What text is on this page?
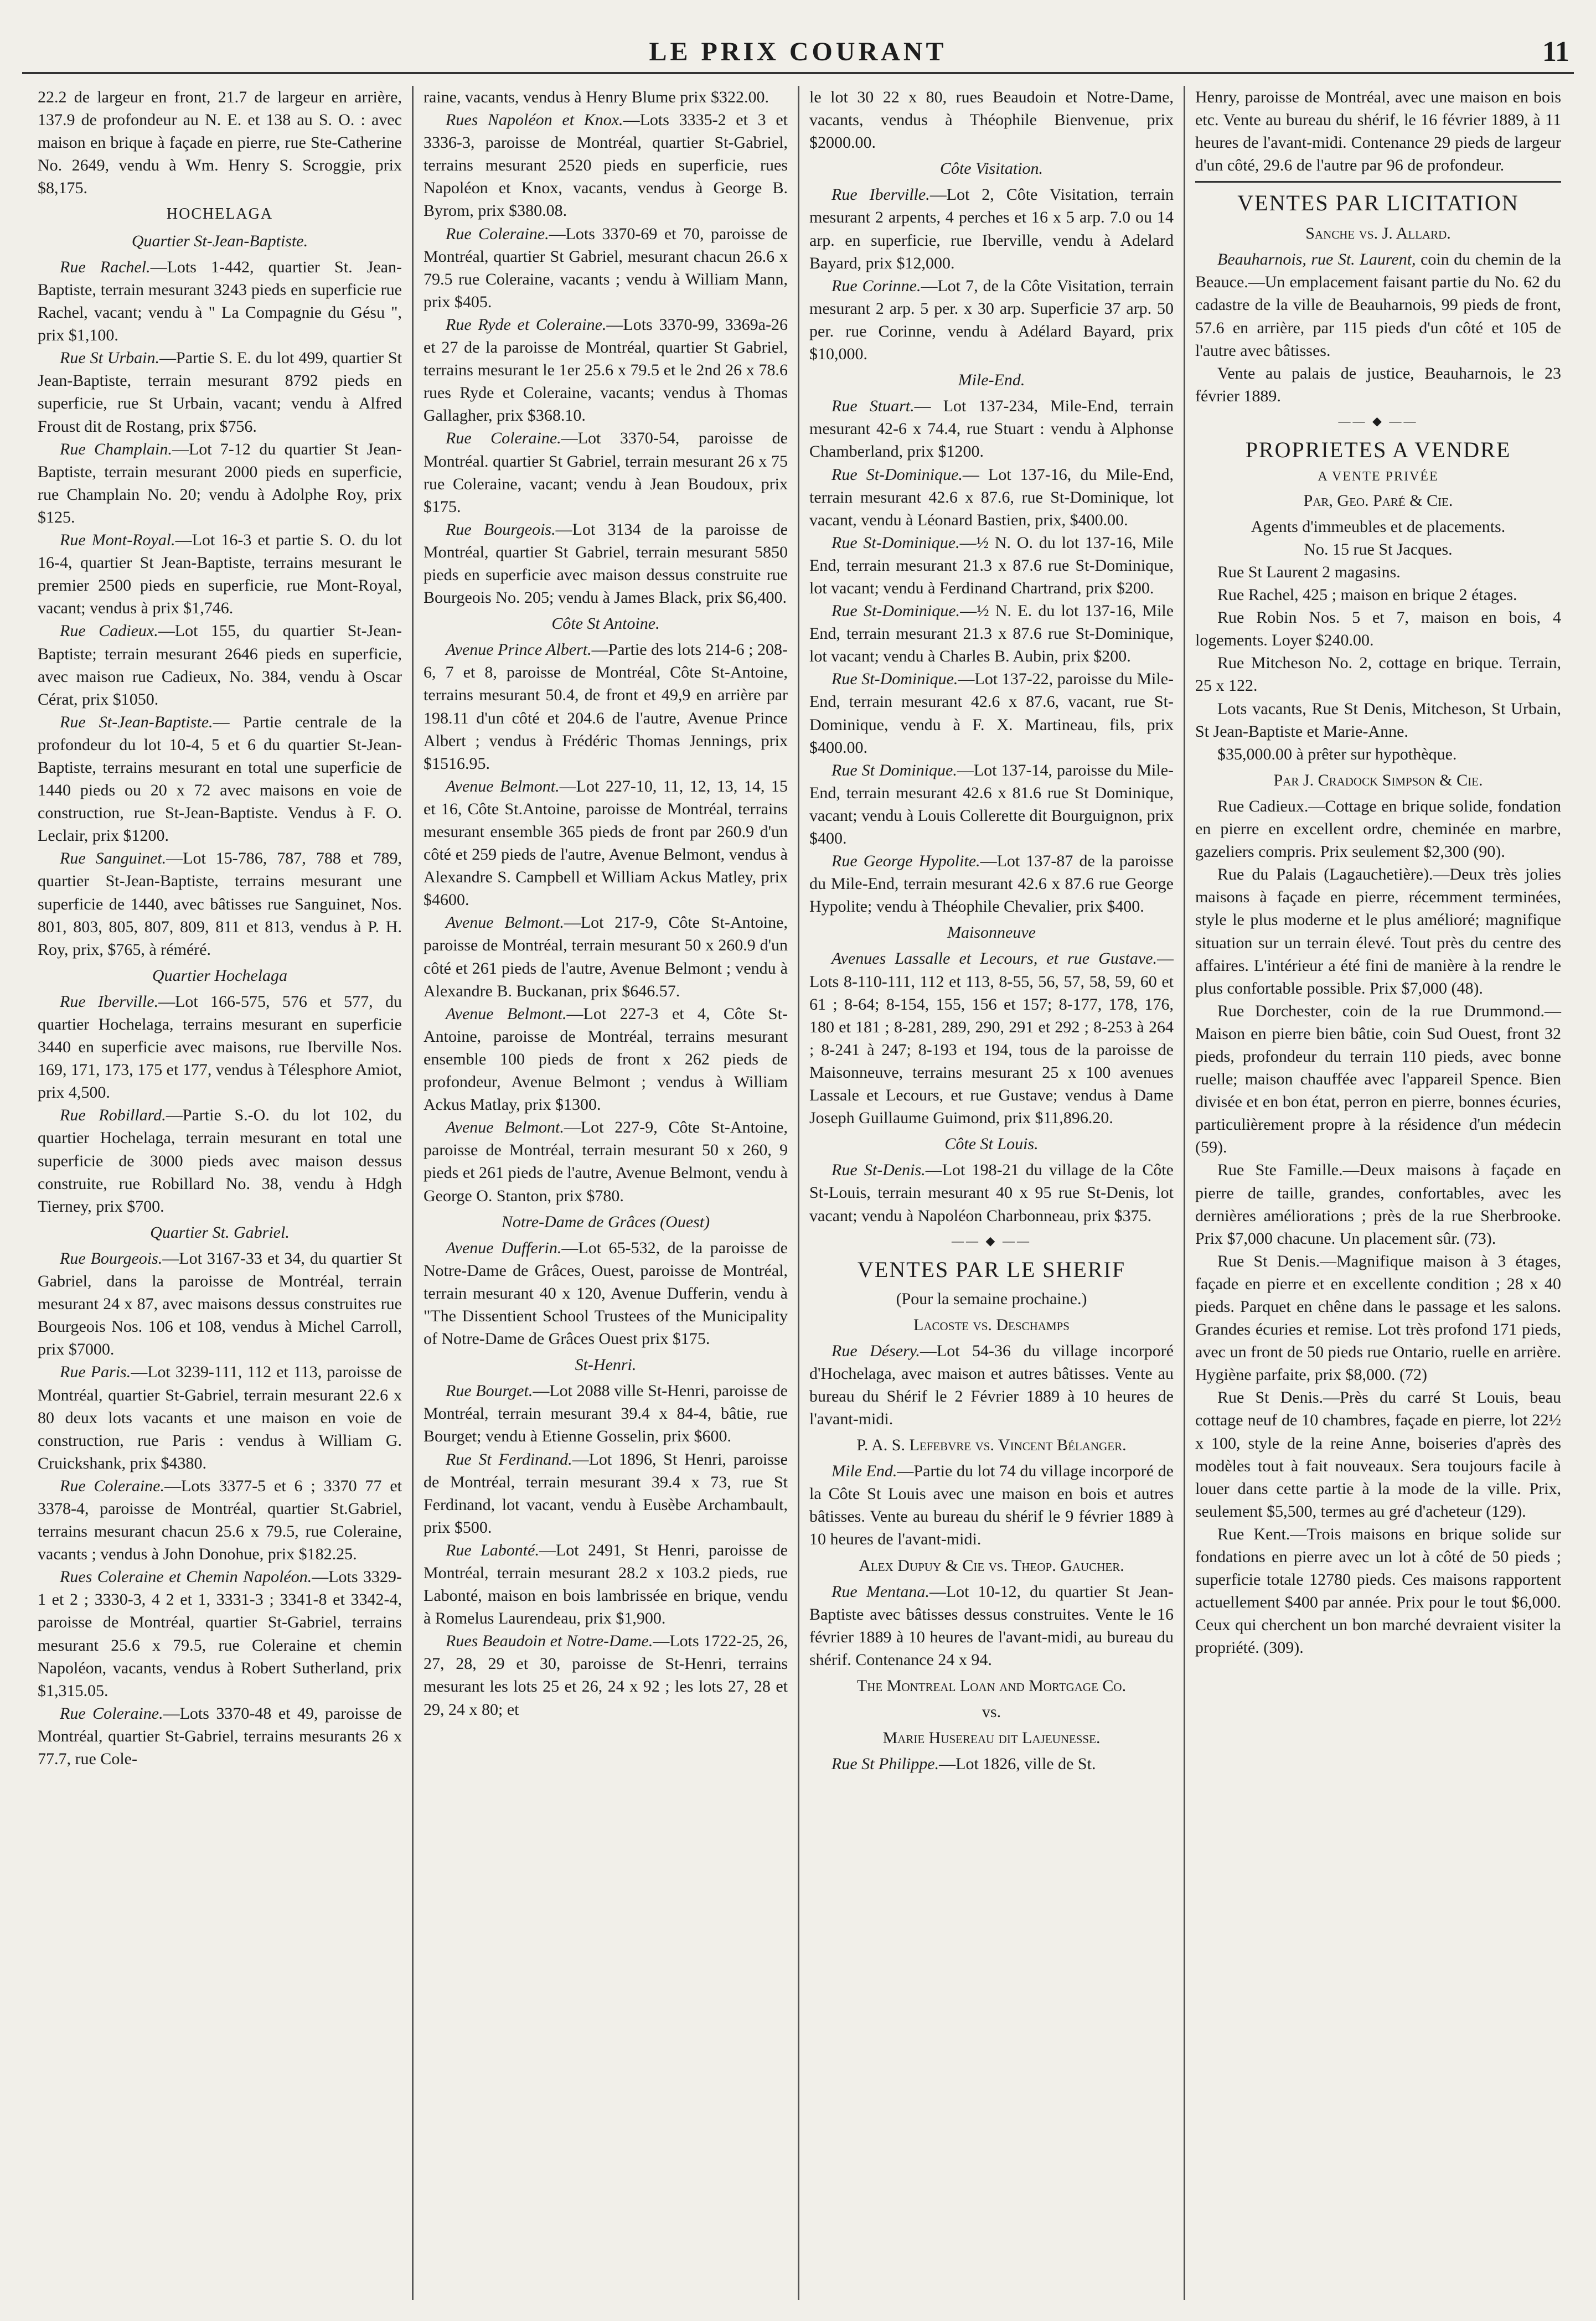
LE PRIX COURANT	11

22.2 de largeur en front, 21.7 de largeur en arrière, 137.9 de profondeur au N. E. et 138 au S. O. : avec maison en brique à façade en pierre, rue Ste-Catherine No. 2649, vendu à Wm. Henry S. Scroggie, prix $8,175.

HOCHELAGA
Quartier St-Jean-Baptiste.

Rue Rachel.—Lots 1-442, quartier St. Jean-Baptiste, terrain mesurant 3243 pieds en superficie rue Rachel, vacant; vendu à " La Compagnie du Gésu ", prix $1,100.

Rue St Urbain.—Partie S. E. du lot 499, quartier St Jean-Baptiste, terrain mesurant 8792 pieds en superficie, rue St Urbain, vacant; vendu à Alfred Froust dit de Rostang, prix $756.

Rue Champlain.—Lot 7-12 du quartier St Jean-Baptiste, terrain mesurant 2000 pieds en superficie, rue Champlain No. 20; vendu à Adolphe Roy, prix $125.

Rue Mont-Royal.—Lot 16-3 et partie S. O. du lot 16-4, quartier St Jean-Baptiste, terrains mesurant le premier 2500 pieds en superficie, rue Mont-Royal, vacant; vendus à prix $1,746.

Rue Cadieux.—Lot 155, du quartier St-Jean-Baptiste; terrain mesurant 2646 pieds en superficie, avec maison rue Cadieux, No. 384, vendu à Oscar Cérat, prix $1050.

Rue St-Jean-Baptiste.— Partie centrale de la profondeur du lot 10-4, 5 et 6 du quartier St-Jean-Baptiste, terrains mesurant en total une superficie de 1440 pieds ou 20 x 72 avec maisons en voie de construction, rue St-Jean-Baptiste. Vendus à F. O. Leclair, prix $1200.

Rue Sanguinet.—Lot 15-786, 787, 788 et 789, quartier St-Jean-Baptiste, terrains mesurant une superficie de 1440, avec bâtisses rue Sanguinet, Nos. 801, 803, 805, 807, 809, 811 et 813, vendus à P. H. Roy, prix, $765, à réméré.

Quartier Hochelaga

Rue Iberville.—Lot 166-575, 576 et 577, du quartier Hochelaga, terrains mesurant en superficie 3440 en superficie avec maisons, rue Iberville Nos. 169, 171, 173, 175 et 177, vendus à Télesphore Amiot, prix 4,500.

Rue Robillard.—Partie S.-O. du lot 102, du quartier Hochelaga, terrain mesurant en total une superficie de 3000 pieds avec maison dessus construite, rue Robillard No. 38, vendu à Hdgh Tierney, prix $700.

Quartier St. Gabriel.

Rue Bourgeois.—Lot 3167-33 et 34, du quartier St Gabriel, dans la paroisse de Montréal, terrain mesurant 24 x 87, avec maisons dessus construites rue Bourgeois Nos. 106 et 108, vendus à Michel Carroll, prix $7000.

Rue Paris.—Lot 3239-111, 112 et 113, paroisse de Montréal, quartier St-Gabriel, terrain mesurant 22.6 x 80 deux lots vacants et une maison en voie de construction, rue Paris : vendus à William G. Cruickshank, prix $4380.

Rue Coleraine.—Lots 3377-5 et 6 ; 3370 77 et 3378-4, paroisse de Montréal, quartier St.Gabriel, terrains mesurant chacun 25.6 x 79.5, rue Coleraine, vacants ; vendus à John Donohue, prix $182.25.

Rues Coleraine et Chemin Napoléon.—Lots 3329-1 et 2 ; 3330-3, 4 2 et 1, 3331-3 ; 3341-8 et 3342-4, paroisse de Montréal, quartier St-Gabriel, terrains mesurant 25.6 x 79.5, rue Coleraine et chemin Napoléon, vacants, vendus à Robert Sutherland, prix $1,315.05.

Rue Coleraine.—Lots 3370-48 et 49, paroisse de Montréal, quartier St-Gabriel, terrains mesurants 26 x 77.7, rue Cole-

raine, vacants, vendus à Henry Blume prix $322.00.

Rues Napoléon et Knox.—Lots 3335-2 et 3 et 3336-3, paroisse de Montréal, quartier St-Gabriel, terrains mesurant 2520 pieds en superficie, rues Napoléon et Knox, vacants, vendus à George B. Byrom, prix $380.08.

Rue Coleraine.—Lots 3370-69 et 70, paroisse de Montréal, quartier St Gabriel, mesurant chacun 26.6 x 79.5 rue Coleraine, vacants ; vendu à William Mann, prix $405.

Rue Ryde et Coleraine.—Lots 3370-99, 3369a-26 et 27 de la paroisse de Montréal, quartier St Gabriel, terrains mesurant le 1er 25.6 x 79.5 et le 2nd 26 x 78.6 rues Ryde et Coleraine, vacants; vendus à Thomas Gallagher, prix $368.10.

Rue Coleraine.—Lot 3370-54, paroisse de Montréal. quartier St Gabriel, terrain mesurant 26 x 75 rue Coleraine, vacant; vendu à Jean Boudoux, prix $175.

Rue Bourgeois.—Lot 3134 de la paroisse de Montréal, quartier St Gabriel, terrain mesurant 5850 pieds en superficie avec maison dessus construite rue Bourgeois No. 205; vendu à James Black, prix $6,400.

Côte St Antoine.

Avenue Prince Albert.—Partie des lots 214-6 ; 208-6, 7 et 8, paroisse de Montréal, Côte St-Antoine, terrains mesurant 50.4, de front et 49,9 en arrière par 198.11 d'un côté et 204.6 de l'autre, Avenue Prince Albert ; vendus à Frédéric Thomas Jennings, prix $1516.95.

Avenue Belmont.—Lot 227-10, 11, 12, 13, 14, 15 et 16, Côte St.Antoine, paroisse de Montréal, terrains mesurant ensemble 365 pieds de front par 260.9 d'un côté et 259 pieds de l'autre, Avenue Belmont, vendus à Alexandre S. Campbell et William Ackus Matley, prix $4600.

Avenue Belmont.—Lot 217-9, Côte St-Antoine, paroisse de Montréal, terrain mesurant 50 x 260.9 d'un côté et 261 pieds de l'autre, Avenue Belmont ; vendu à Alexandre B. Buckanan, prix $646.57.

Avenue Belmont.—Lot 227-3 et 4, Côte St-Antoine, paroisse de Montréal, terrains mesurant ensemble 100 pieds de front x 262 pieds de profondeur, Avenue Belmont ; vendus à William Ackus Matlay, prix $1300.

Avenue Belmont.—Lot 227-9, Côte St-Antoine, paroisse de Montréal, terrain mesurant 50 x 260, 9 pieds et 261 pieds de l'autre, Avenue Belmont, vendu à George O. Stanton, prix $780.

Notre-Dame de Grâces (Ouest)

Avenue Dufferin.—Lot 65-532, de la paroisse de Notre-Dame de Grâces, Ouest, paroisse de Montréal, terrain mesurant 40 x 120, Avenue Dufferin, vendu à "The Dissentient School Trustees of the Municipality of Notre-Dame de Grâces Ouest prix $175.

St-Henri.

Rue Bourget.—Lot 2088 ville St-Henri, paroisse de Montréal, terrain mesurant 39.4 x 84-4, bâtie, rue Bourget; vendu à Etienne Gosselin, prix $600.

Rue St Ferdinand.—Lot 1896, St Henri, paroisse de Montréal, terrain mesurant 39.4 x 73, rue St Ferdinand, lot vacant, vendu à Eusèbe Archambault, prix $500.

Rue Labonté.—Lot 2491, St Henri, paroisse de Montréal, terrain mesurant 28.2 x 103.2 pieds, rue Labonté, maison en bois lambrissée en brique, vendu à Romelus Laurendeau, prix $1,900.

Rues Beaudoin et Notre-Dame.—Lots 1722-25, 26, 27, 28, 29 et 30, paroisse de St-Henri, terrains mesurant les lots 25 et 26, 24 x 92 ; les lots 27, 28 et 29, 24 x 80; et

le lot 30 22 x 80, rues Beaudoin et Notre-Dame, vacants, vendus à Théophile Bienvenue, prix $2000.00.

Côte Visitation.

Rue Iberville.—Lot 2, Côte Visitation, terrain mesurant 2 arpents, 4 perches et 16 x 5 arp. 7.0 ou 14 arp. en superficie, rue Iberville, vendu à Adelard Bayard, prix $12,000.

Rue Corinne.—Lot 7, de la Côte Visitation, terrain mesurant 2 arp. 5 per. x 30 arp. Superficie 37 arp. 50 per. rue Corinne, vendu à Adélard Bayard, prix $10,000.

Mile-End.

Rue Stuart.— Lot 137-234, Mile-End, terrain mesurant 42-6 x 74.4, rue Stuart : vendu à Alphonse Chamberland, prix $1200.

Rue St-Dominique.— Lot 137-16, du Mile-End, terrain mesurant 42.6 x 87.6, rue St-Dominique, lot vacant, vendu à Léonard Bastien, prix, $400.00.

Rue St-Dominique.—½ N. O. du lot 137-16, Mile End, terrain mesurant 21.3 x 87.6 rue St-Dominique, lot vacant; vendu à Ferdinand Chartrand, prix $200.

Rue St-Dominique.—½ N. E. du lot 137-16, Mile End, terrain mesurant 21.3 x 87.6 rue St-Dominique, lot vacant; vendu à Charles B. Aubin, prix $200.

Rue St-Dominique.—Lot 137-22, paroisse du Mile-End, terrain mesurant 42.6 x 87.6, vacant, rue St-Dominique, vendu à F. X. Martineau, fils, prix $400.00.

Rue St Dominique.—Lot 137-14, paroisse du Mile-End, terrain mesurant 42.6 x 81.6 rue St Dominique, vacant; vendu à Louis Collerette dit Bourguignon, prix $400.

Rue George Hypolite.—Lot 137-87 de la paroisse du Mile-End, terrain mesurant 42.6 x 87.6 rue George Hypolite; vendu à Théophile Chevalier, prix $400.

Maisonneuve

Avenues Lassalle et Lecours, et rue Gustave.—Lots 8-110-111, 112 et 113, 8-55, 56, 57, 58, 59, 60 et 61 ; 8-64; 8-154, 155, 156 et 157; 8-177, 178, 176, 180 et 181 ; 8-281, 289, 290, 291 et 292 ; 8-253 à 264 ; 8-241 à 247; 8-193 et 194, tous de la paroisse de Maisonneuve, terrains mesurant 25 x 100 avenues Lassale et Lecours, et rue Gustave; vendus à Dame Joseph Guillaume Guimond, prix $11,896.20.

Côte St Louis.

Rue St-Denis.—Lot 198-21 du village de la Côte St-Louis, terrain mesurant 40 x 95 rue St-Denis, lot vacant; vendu à Napoléon Charbonneau, prix $375.

—— ◆ ——
VENTES PAR LE SHERIF
(Pour la semaine prochaine.)
Lacoste vs. Deschamps

Rue Désery.—Lot 54-36 du village incorporé d'Hochelaga, avec maison et autres bâtisses. Vente au bureau du Shérif le 2 Février 1889 à 10 heures de l'avant-midi.

P. A. S. Lefebvre vs. Vincent Bélanger.

Mile End.—Partie du lot 74 du village incorporé de la Côte St Louis avec une maison en bois et autres bâtisses. Vente au bureau du shérif le 9 février 1889 à 10 heures de l'avant-midi.

Alex Dupuy & Cie vs. Theop. Gaucher.

Rue Mentana.—Lot 10-12, du quartier St Jean-Baptiste avec bâtisses dessus construites. Vente le 16 février 1889 à 10 heures de l'avant-midi, au bureau du shérif. Contenance 24 x 94.

The Montreal Loan and Mortgage Co.
vs.
Marie Husereau dit Lajeunesse.

Rue St Philippe.—Lot 1826, ville de St.

Henry, paroisse de Montréal, avec une maison en bois etc. Vente au bureau du shérif, le 16 février 1889, à 11 heures de l'avant-midi. Contenance 29 pieds de largeur d'un côté, 29.6 de l'autre par 96 de profondeur.

VENTES PAR LICITATION
Sanche vs. J. Allard.

Beauharnois, rue St. Laurent, coin du chemin de la Beauce.—Un emplacement faisant partie du No. 62 du cadastre de la ville de Beauharnois, 99 pieds de front, 57.6 en arrière, par 115 pieds d'un côté et 105 de l'autre avec bâtisses.

Vente au palais de justice, Beauharnois, le 23 février 1889.

—— ◆ ——
PROPRIETES A VENDRE
A VENTE PRIVÉE
Par, Geo. Paré & Cie.
Agents d'immeubles et de placements.
No. 15 rue St Jacques.

Rue St Laurent 2 magasins.

Rue Rachel, 425 ; maison en brique 2 étages.

Rue Robin Nos. 5 et 7, maison en bois, 4 logements. Loyer $240.00.

Rue Mitcheson No. 2, cottage en brique. Terrain, 25 x 122.

Lots vacants, Rue St Denis, Mitcheson, St Urbain, St Jean-Baptiste et Marie-Anne.

$35,000.00 à prêter sur hypothèque.

Par J. Cradock Simpson & Cie.

Rue Cadieux.—Cottage en brique solide, fondation en pierre en excellent ordre, cheminée en marbre, gazeliers compris. Prix seulement $2,300 (90).

Rue du Palais (Lagauchetière).—Deux très jolies maisons à façade en pierre, récemment terminées, style le plus moderne et le plus amélioré; magnifique situation sur un terrain élevé. Tout près du centre des affaires. L'intérieur a été fini de manière à la rendre le plus confortable possible. Prix $7,000 (48).

Rue Dorchester, coin de la rue Drummond.—Maison en pierre bien bâtie, coin Sud Ouest, front 32 pieds, profondeur du terrain 110 pieds, avec bonne ruelle; maison chauffée avec l'appareil Spence. Bien divisée et en bon état, perron en pierre, bonnes écuries, particulièrement propre à la résidence d'un médecin (59).

Rue Ste Famille.—Deux maisons à façade en pierre de taille, grandes, confortables, avec les dernières améliorations ; près de la rue Sherbrooke. Prix $7,000 chacune. Un placement sûr. (73).

Rue St Denis.—Magnifique maison à 3 étages, façade en pierre et en excellente condition ; 28 x 40 pieds. Parquet en chêne dans le passage et les salons. Grandes écuries et remise. Lot très profond 171 pieds, avec un front de 50 pieds rue Ontario, ruelle en arrière. Hygiène parfaite, prix $8,000. (72)

Rue St Denis.—Près du carré St Louis, beau cottage neuf de 10 chambres, façade en pierre, lot 22½ x 100, style de la reine Anne, boiseries d'après des modèles tout à fait nouveaux. Sera toujours facile à louer dans cette partie à la mode de la ville. Prix, seulement $5,500, termes au gré d'acheteur (129).

Rue Kent.—Trois maisons en brique solide sur fondations en pierre avec un lot à côté de 50 pieds ; superficie totale 12780 pieds. Ces maisons rapportent actuellement $400 par année. Prix pour le tout $6,000. Ceux qui cherchent un bon marché devraient visiter la propriété. (309).
